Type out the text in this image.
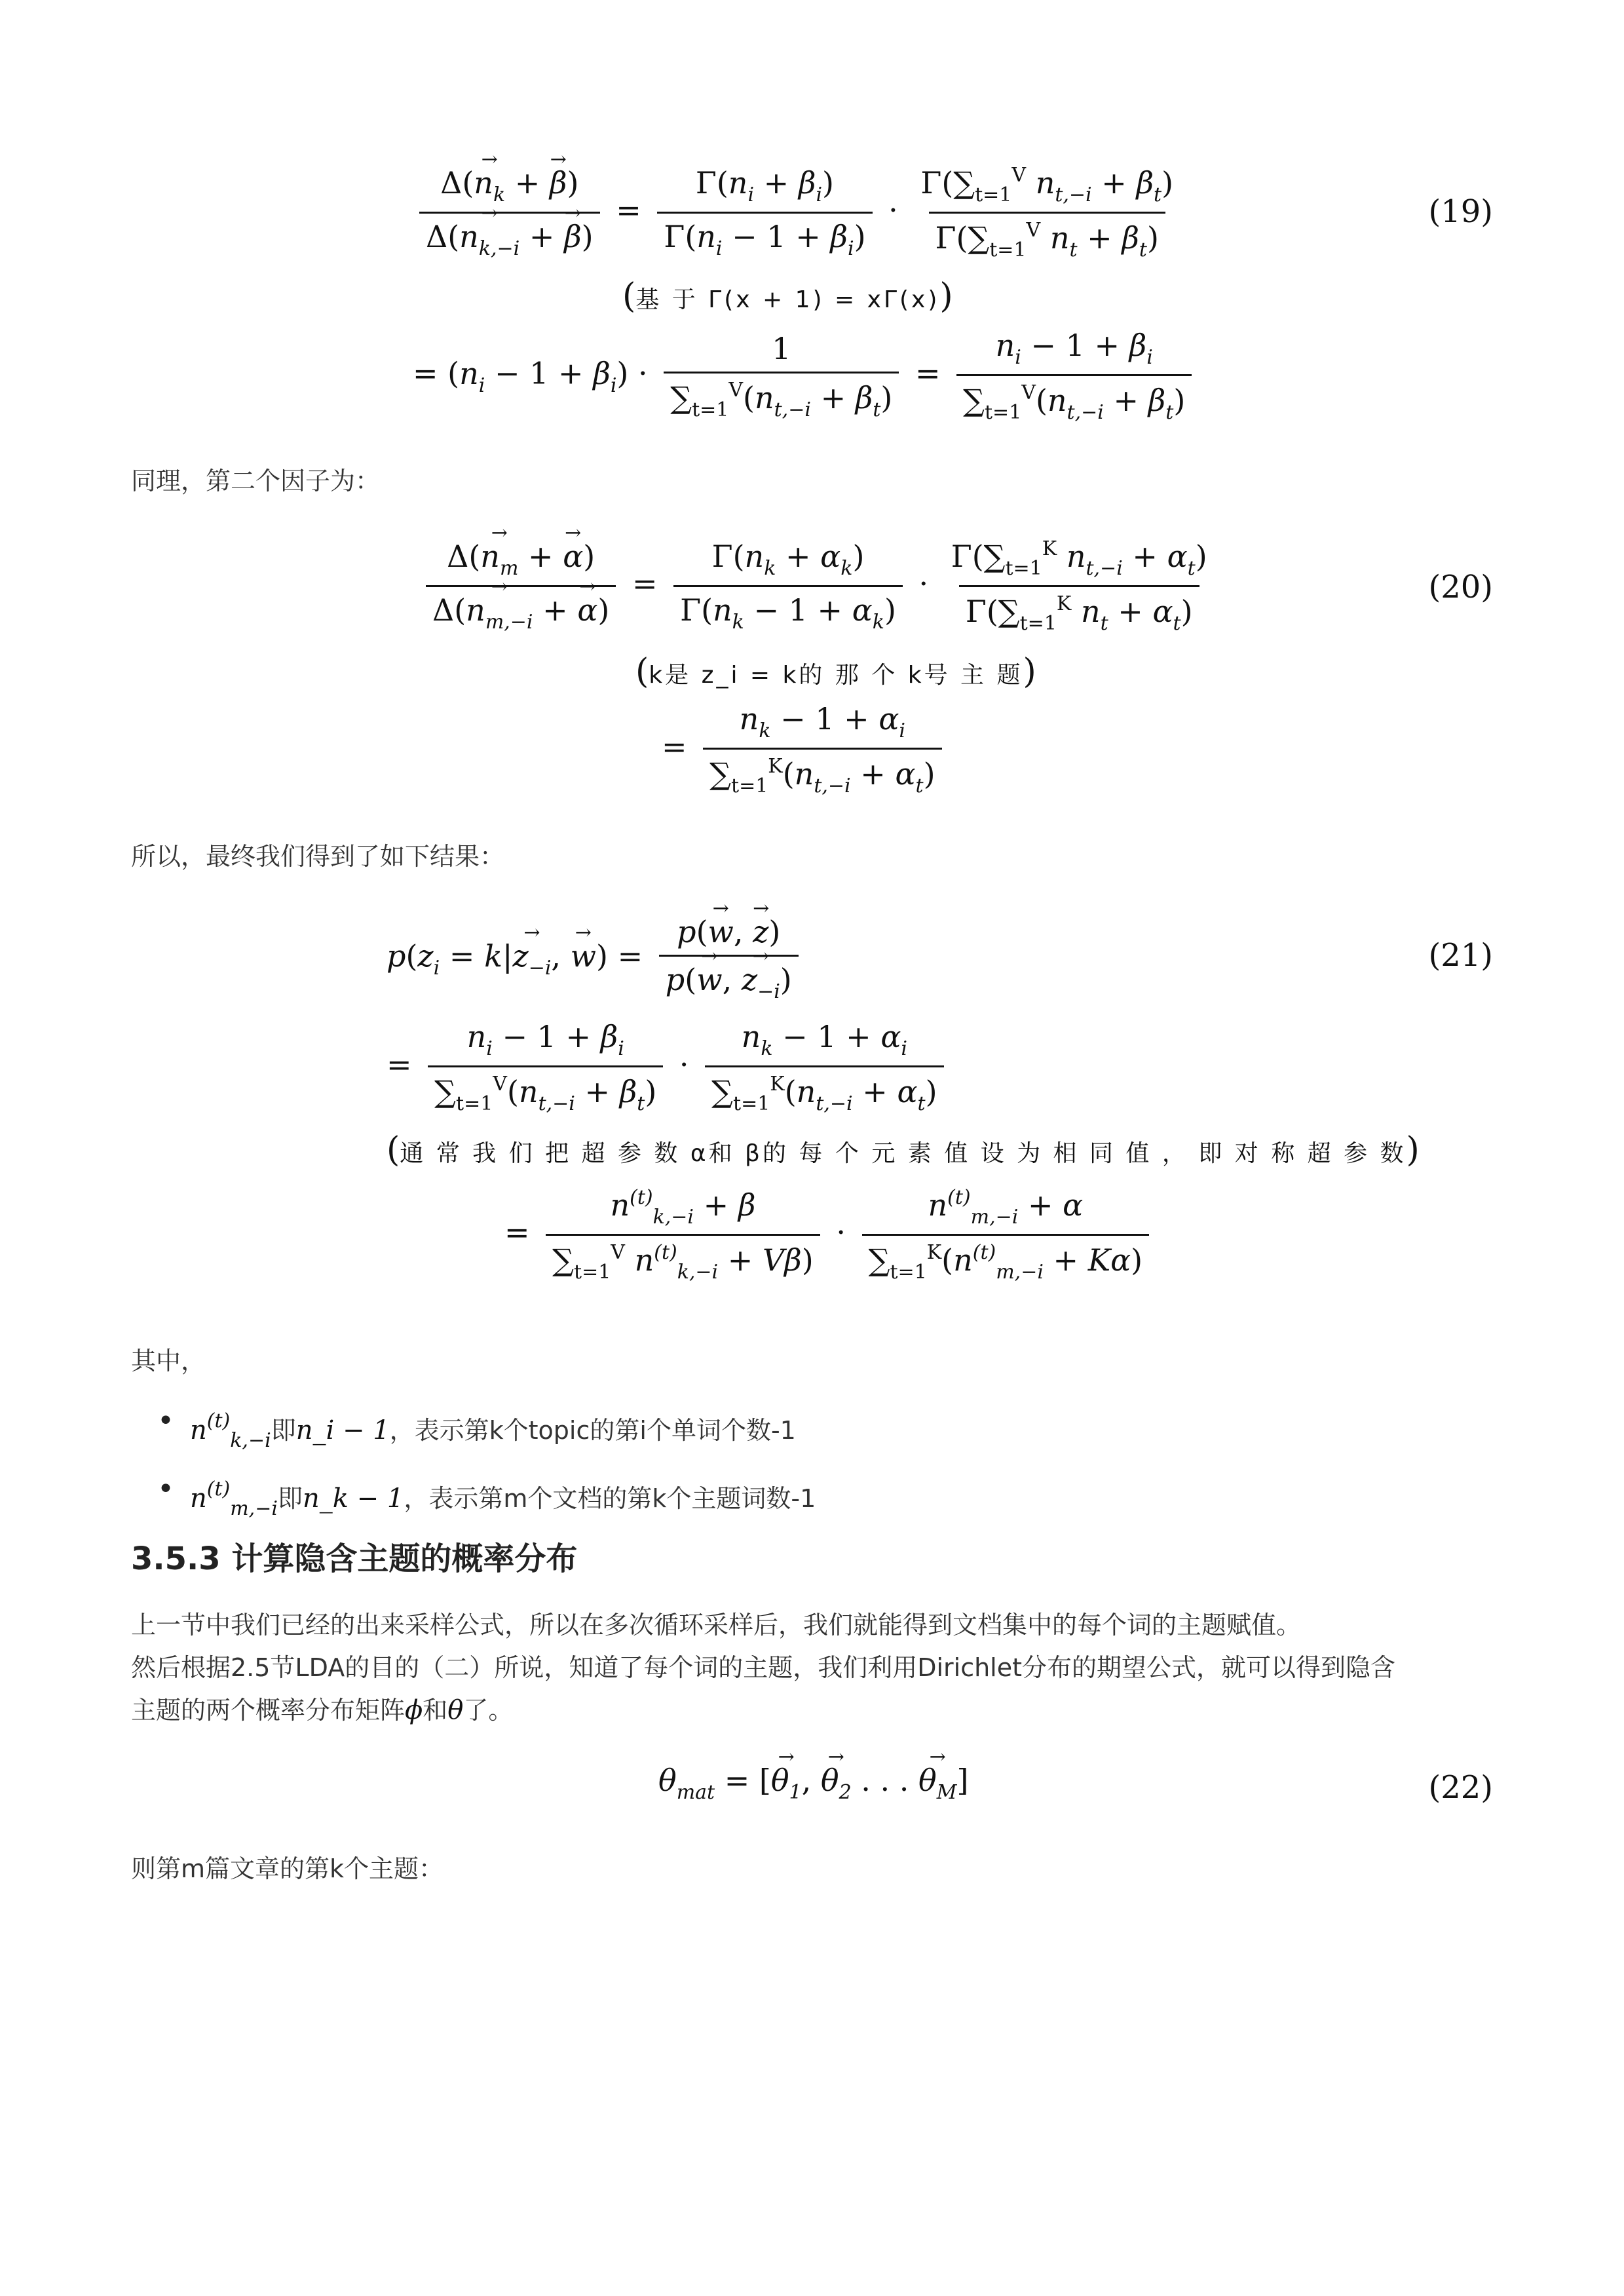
$\frac{\Delta(\to n_k + \to \beta)}{\Delta(\to n_{k,-i} + \to \beta)} = \frac{\Gamma(n_i + \beta_i)}{\Gamma(n_i - 1 + \beta_i)} \cdot \frac{\Gamma(\sum_{t=1}^V n_{t,-i} + \beta_t)}{\Gamma(\sum_{t=1}^V n_t + \beta_t)}$	(19)
(基 于 Γ(x + 1) = xΓ(x))
= $(n_i - 1 + \beta_i) \cdot \frac{1}{\sum_{t=1}^V(n_{t,-i} + \beta_t)} = \frac{n_i - 1 + \beta_i}{\sum_{t=1}^V(n_{t,-i} + \beta_t)}$
同理，第二个因子为：
$\frac{\Delta(\to n_m + \to \alpha)}{\Delta(\to n_{m,-i} + \to \alpha)} = \frac{\Gamma(n_k + \alpha_k)}{\Gamma(n_k - 1 + \alpha_k)} \cdot \frac{\Gamma(\sum_{t=1}^K n_{t,-i} + \alpha_t)}{\Gamma(\sum_{t=1}^K n_t + \alpha_t)}$	(20)
(k是 z_i = k的 那 个 k号 主 题)
= $\frac{n_k - 1 + \alpha_i}{\sum_{t=1}^K(n_{t,-i} + \alpha_t)}$
所以，最终我们得到了如下结果：
$p(z_i = k|\to z_{-i}$, → $w) = \frac{p(\to w, \to z)}{p(\to w, \to z_{-i})}$	(21)
= $\frac{n_i - 1 + \beta_i}{\sum_{t=1}^V(n_{t,-i} + \beta_t)} \cdot \frac{n_k - 1 + \alpha_i}{\sum_{t=1}^K(n_{t,-i} + \alpha_t)}$
(通 常 我 们 把 超 参 数 α和 β的 每 个 元 素 值 设 为 相 同 值 ， 即 对 称 超 参 数)
= $\frac{n^{(t)}_{k,-i} + \beta}{\sum_{t=1}^V n^{(t)}_{k,-i} + V\beta)} \cdot \frac{n^{(t)}_{m,-i} + \alpha}{\sum_{t=1}^K(n^{(t)}_{m,-i} + K\alpha)}$
其中，
• $n^{(t)}_{k,-i}$即n_i − 1，表示第k个topic的第i个单词个数-1
• $n^{(t)}_{m,-i}$即n_k − 1，表示第m个文档的第k个主题词数-1
3.5.3 计算隐含主题的概率分布
上一节中我们已经的出来采样公式，所以在多次循环采样后，我们就能得到文档集中的每个词的主题赋值。
然后根据2.5节LDA的目的（二）所说，知道了每个词的主题，我们利用Dirichlet分布的期望公式，就可以得到隐含
主题的两个概率分布矩阵ϕ和θ了。
$\theta_{mat}$ = [→ $\theta_1$, → $\theta_2$ . . . → $\theta_M$]	(22)
则第m篇文章的第k个主题：
